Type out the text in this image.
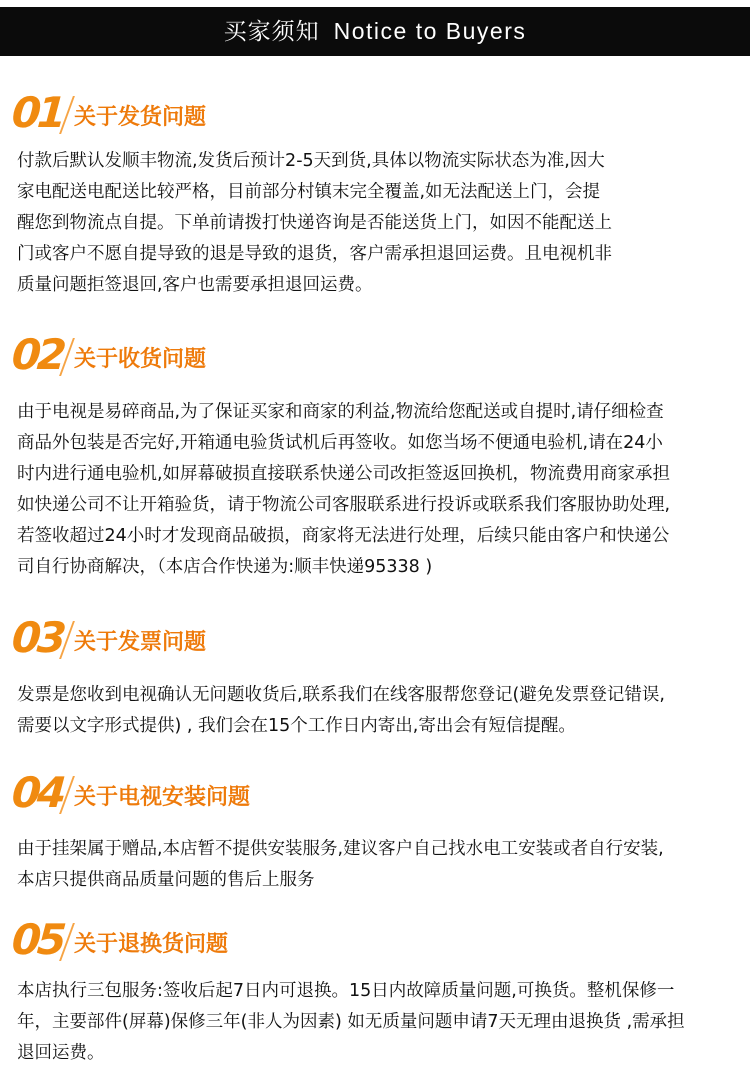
买家须知 Notice to Buyers
01 关于发货问题
付款后默认发顺丰物流,发货后预计2-5天到货,具体以物流实际状态为准,因大
家电配送电配送比较严格，目前部分村镇末完全覆盖,如无法配送上门，会提
醒您到物流点自提。下单前请拨打快递咨询是否能送货上门，如因不能配送上
门或客户不愿自提导致的退是导致的退货，客户需承担退回运费。且电视机非
质量问题拒签退回,客户也需要承担退回运费。
02 关于收货问题
由于电视是易碎商品,为了保证买家和商家的利益,物流给您配送或自提时,请仔细检查
商品外包装是否完好,开箱通电验货试机后再签收。如您当场不便通电验机,请在24小
时内进行通电验机,如屏幕破损直接联系快递公司改拒签返回换机，物流费用商家承担
如快递公司不让开箱验货，请于物流公司客服联系进行投诉或联系我们客服协助处理,
若签收超过24小时才发现商品破损，商家将无法进行处理，后续只能由客户和快递公
司自行协商解决，（本店合作快递为:顺丰快递95338 )
03 关于发票问题
发票是您收到电视确认无问题收货后,联系我们在线客服帮您登记(避免发票登记错误,
需要以文字形式提供) , 我们会在15个工作日内寄出,寄出会有短信提醒。
04 关于电视安装问题
由于挂架属于赠品,本店暂不提供安装服务,建议客户自己找水电工安装或者自行安装,
本店只提供商品质量问题的售后上服务
05 关于退换货问题
本店执行三包服务:签收后起7日内可退换。15日内故障质量问题,可换货。整机保修一
年，主要部件(屏幕)保修三年(非人为因素) 如无质量问题申请7天无理由退换货 ,需承担
退回运费。
